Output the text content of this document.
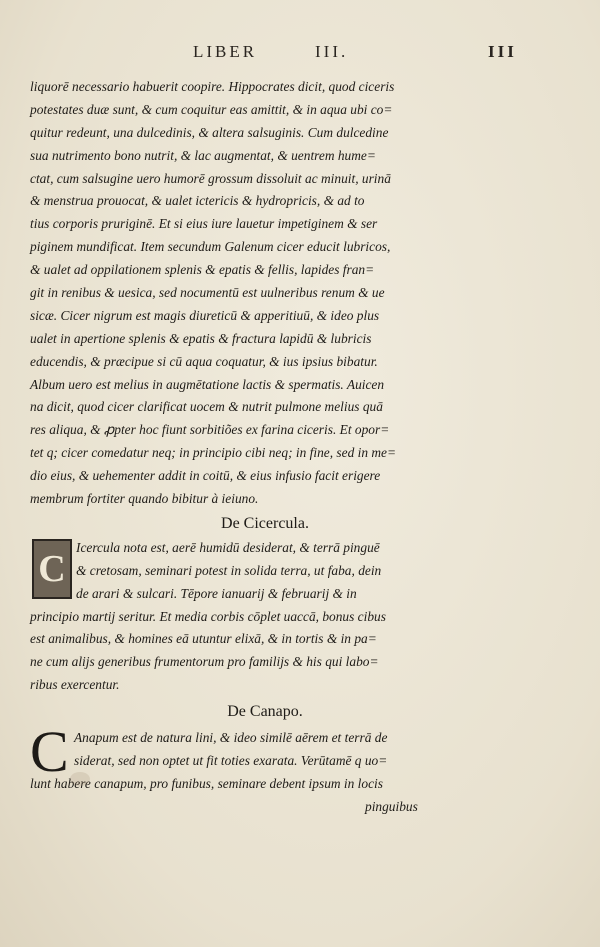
LIBER	III.	III
liquorē necessario habuerit coopire. Hippocrates dicit, quod ciceris
potestates duæ sunt, & cum coquitur eas amittit, & in aqua ubi co=
quitur redeunt, una dulcedinis, & altera salsuginis. Cum dulcedine
sua nutrimento bono nutrit, & lac augmentat, & uentrem hume=
ctat, cum salsugine uero humorē grossum dissoluit ac minuit, urinā
& menstrua prouocat, & ualet ictericis & hydropricis, & ad to
tius corporis pruriginē. Et si eius iure lauetur impetiginem & ser
piginem mundificat. Item secundum Galenum cicer educit lubricos,
& ualet ad oppilationem splenis & epatis & fellis, lapides fran=
git in renibus & uesica, sed nocumentū est uulneribus renum & ue
sicæ. Cicer nigrum est magis diureticū & apperitiuū, & ideo plus
ualet in apertione splenis & epatis & fractura lapidū & lubricis
educendis, & præcipue si cū aqua coquatur, & ius ipsius bibatur.
Album uero est melius in augmētatione lactis & spermatis. Auicen
na dicit, quod cicer clarificat uocem & nutrit pulmone melius quā
res aliqua, & ꝓpter hoc fiunt sorbitiões ex farina ciceris. Et opor=
tet q; cicer comedatur neq; in principio cibi neq; in fine, sed in me=
dio eius, & uehementer addit in coitū, & eius infusio facit erigere
membrum fortiter quando bibitur à ieiuno.
De Cicercula.
C
Icercula nota est, aerē humidū desiderat, & terrā pinguē
& cretosam, seminari potest in solida terra, ut faba, dein
de arari & sulcari. Tēpore ianuarij & februarij & in
principio martij seritur. Et media corbis cōplet uaccā, bonus cibus
est animalibus, & homines eā utuntur elixā, & in tortis & in pa=
ne cum alijs generibus frumentorum pro familijs & his qui labo=
ribus exercentur.
De Canapo.
C Anapum est de natura lini, & ideo similē aērem et terrā de
siderat, sed non optet ut fit toties exarata. Verūtamē q uo=
lunt habere canapum, pro funibus, seminare debent ipsum in locis
pinguibus
